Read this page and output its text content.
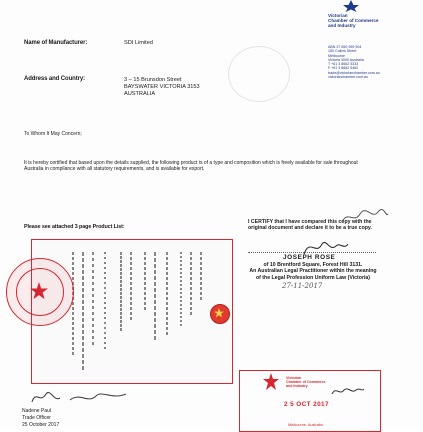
Victorian
Chamber of Commerce
and Industry
ABN 37 650 959 904
150 Collins Street
Melbourne
Victoria 3000 Australia
T +61 3 8662 5333
F +61 3 8662 5462
trade@victorianchamber.com.au
victorianchamber.com.au
Name of Manufacturer:	SDI Limited
Address and Country:	3 – 15 Brunsdon Street
BAYSWATER VICTORIA 3153
AUSTRALIA
To Whom It May Concern;
It is hereby certified that based upon the details supplied, the following product is of a type and composition which is freely available for sale throughout Australia in compliance with all statutory requirements, and is available for export.
Please see attached 3 page Product List:
I CERTIFY that I have compared this copy with the
original document and declare it to be a true copy.
JOSEPH ROSE
of 10 Brentford Square, Forest Hill 3131.
An Australian Legal Practitioner within the meaning
of the Legal Profession Uniform Law (Victoria)
27-11-2017
Nadene Paul
Trade Officer
25 October 2017
Victorian
Chamber of Commerce
and Industry
2 5 OCT 2017
Melbourne, Australia
